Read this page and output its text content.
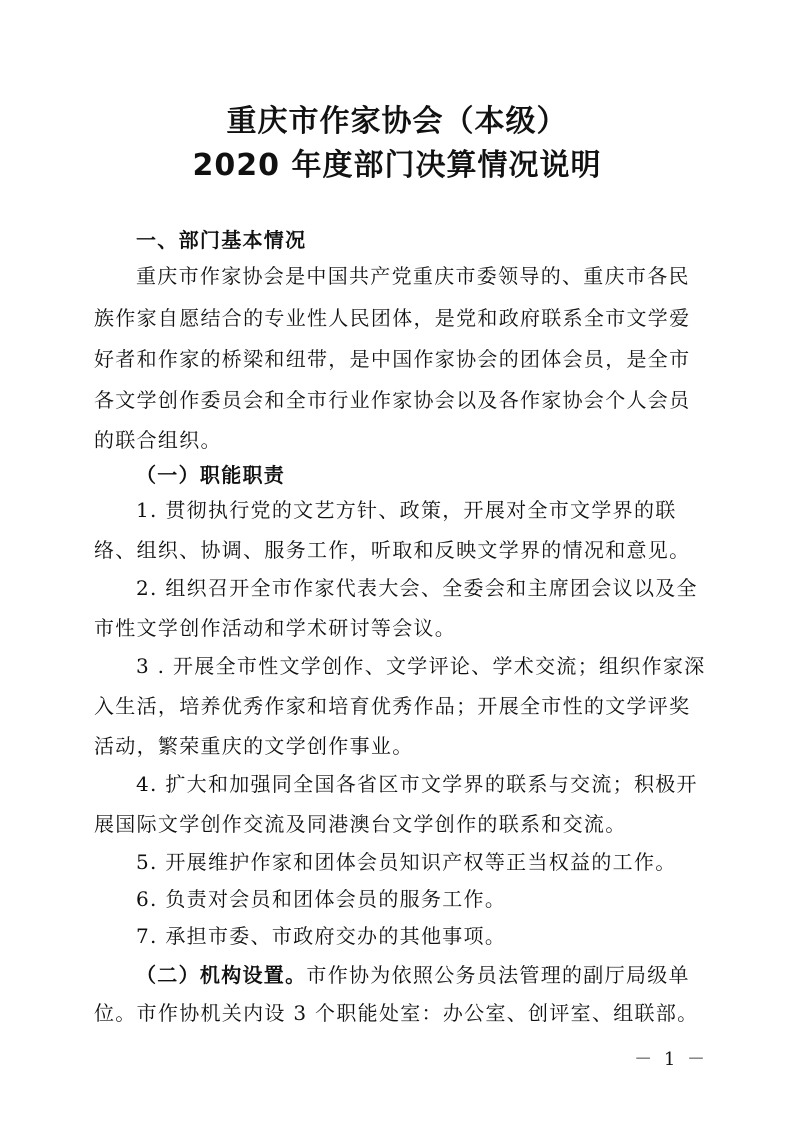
重庆市作家协会（本级）
2020 年度部门决算情况说明
一、部门基本情况
重庆市作家协会是中国共产党重庆市委领导的、重庆市各民
族作家自愿结合的专业性人民团体，是党和政府联系全市文学爱
好者和作家的桥梁和纽带，是中国作家协会的团体会员，是全市
各文学创作委员会和全市行业作家协会以及各作家协会个人会员
的联合组织。
（一）职能职责
1. 贯彻执行党的文艺方针、政策，开展对全市文学界的联
络、组织、协调、服务工作，听取和反映文学界的情况和意见。
2. 组织召开全市作家代表大会、全委会和主席团会议以及全
市性文学创作活动和学术研讨等会议。
3 . 开展全市性文学创作、文学评论、学术交流；组织作家深
入生活，培养优秀作家和培育优秀作品；开展全市性的文学评奖
活动，繁荣重庆的文学创作事业。
4. 扩大和加强同全国各省区市文学界的联系与交流；积极开
展国际文学创作交流及同港澳台文学创作的联系和交流。
5. 开展维护作家和团体会员知识产权等正当权益的工作。
6. 负责对会员和团体会员的服务工作。
7. 承担市委、市政府交办的其他事项。
（二）机构设置。市作协为依照公务员法管理的副厅局级单
位。市作协机关内设 3 个职能处室：办公室、创评室、组联部。
－ 1 －
